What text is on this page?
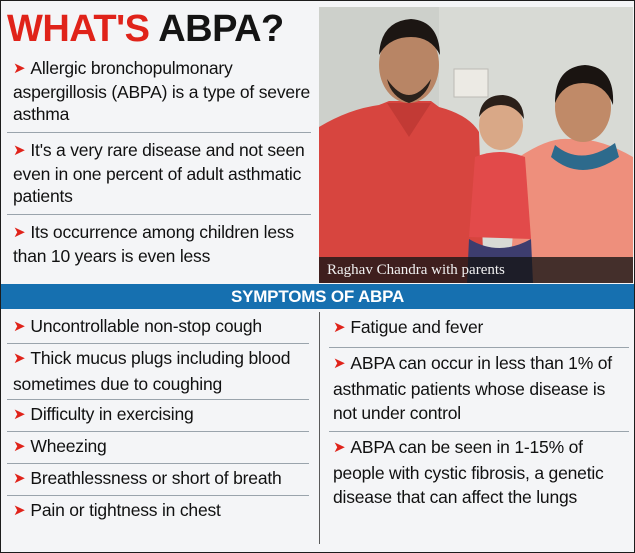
WHAT'S ABPA?
➤ Allergic bronchopulmonary aspergillosis (ABPA) is a type of severe asthma
➤ It's a very rare disease and not seen even in one percent of adult asthmatic patients
➤ Its occurrence among children less than 10 years is even less
Raghav Chandra with parents
SYMPTOMS OF ABPA
➤ Uncontrollable non-stop cough
➤ Thick mucus plugs including blood sometimes due to coughing
➤ Difficulty in exercising
➤ Wheezing
➤ Breathlessness or short of breath
➤ Pain or tightness in chest
➤ Fatigue and fever
➤ ABPA can occur in less than 1% of asthmatic patients whose disease is not under control
➤ ABPA can be seen in 1-15% of people with cystic fibrosis, a genetic disease that can affect the lungs
